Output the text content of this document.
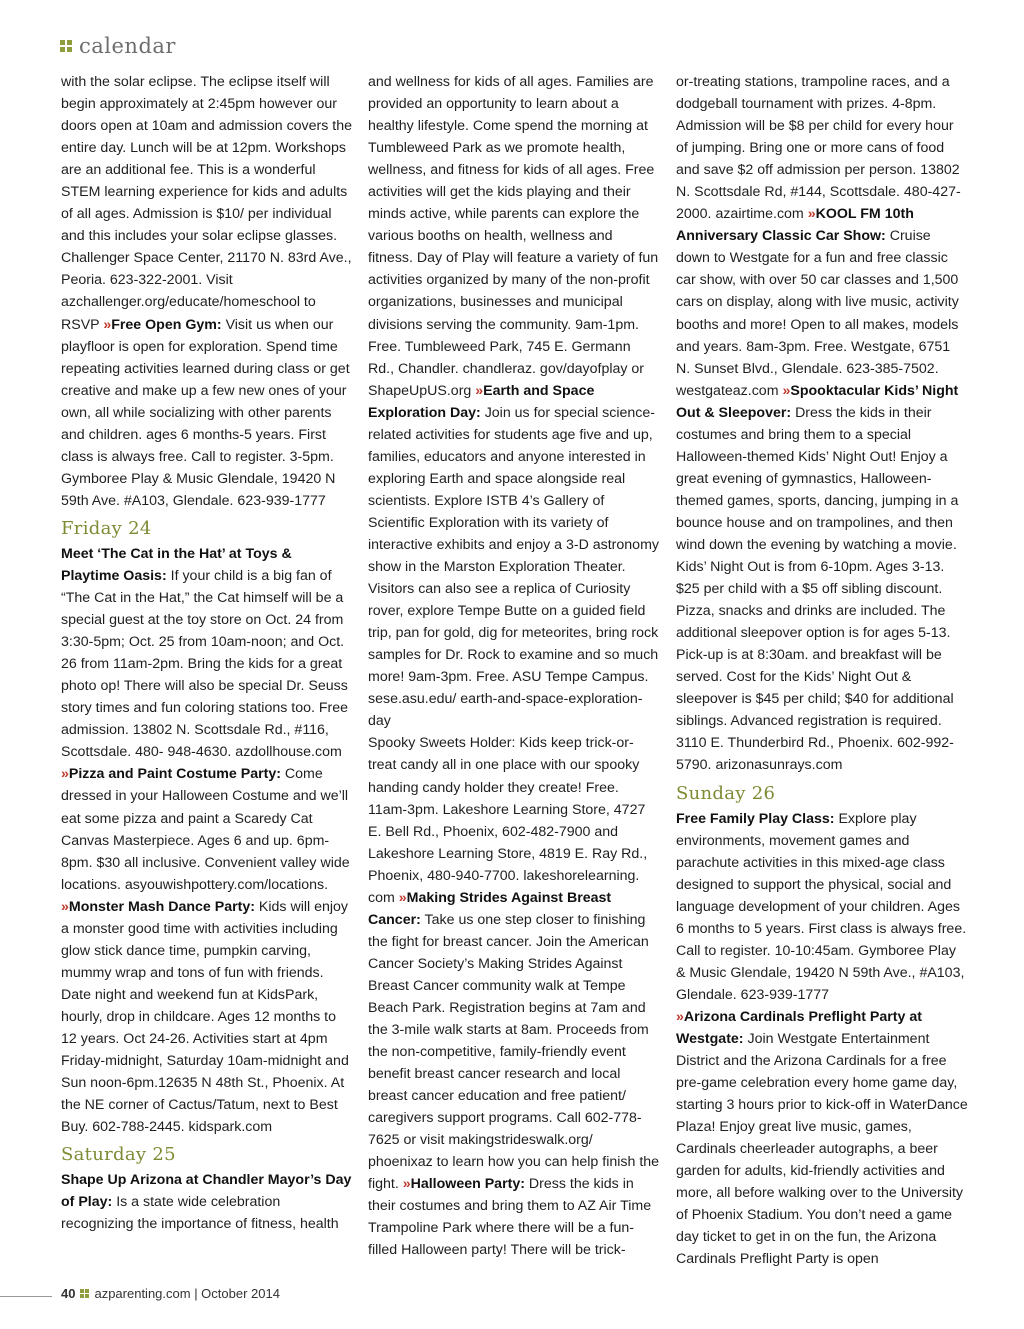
calendar

with the solar eclipse. The eclipse itself will begin approximately at 2:45pm however our doors open at 10am and admission covers the entire day. Lunch will be at 12pm. Workshops are an additional fee. This is a wonderful STEM learning experience for kids and adults of all ages. Admission is $10/ per individual and this includes your solar eclipse glasses. Challenger Space Center, 21170 N. 83rd Ave., Peoria. 623-322-2001. Visit azchallenger.org/educate/homeschool to RSVP »Free Open Gym: Visit us when our playfloor is open for exploration. Spend time repeating activities learned during class or get creative and make up a few new ones of your own, all while socializing with other parents and children. ages 6 months-5 years. First class is always free. Call to register. 3-5pm. Gymboree Play & Music Glendale, 19420 N 59th Ave. #A103, Glendale. 623-939-1777

Friday 24

Meet ‘The Cat in the Hat’ at Toys & Playtime Oasis: If your child is a big fan of “The Cat in the Hat,” the Cat himself will be a special guest at the toy store on Oct. 24 from 3:30-5pm; Oct. 25 from 10am-noon; and Oct. 26 from 11am-2pm. Bring the kids for a great photo op! There will also be special Dr. Seuss story times and fun coloring stations too. Free admission. 13802 N. Scottsdale Rd., #116, Scottsdale. 480- 948-4630. azdollhouse.com

»Pizza and Paint Costume Party: Come dressed in your Halloween Costume and we’ll eat some pizza and paint a Scaredy Cat Canvas Masterpiece. Ages 6 and up. 6pm-8pm. $30 all inclusive. Convenient valley wide locations. asyouwishpottery.com/locations.

»Monster Mash Dance Party: Kids will enjoy a monster good time with activities including glow stick dance time, pumpkin carving, mummy wrap and tons of fun with friends. Date night and weekend fun at KidsPark, hourly, drop in childcare. Ages 12 months to 12 years. Oct 24-26. Activities start at 4pm Friday-midnight, Saturday 10am-midnight and Sun noon-6pm.12635 N 48th St., Phoenix. At the NE corner of Cactus/Tatum, next to Best Buy. 602-788-2445. kidspark.com

Saturday 25

Shape Up Arizona at Chandler Mayor’s Day of Play: Is a state wide celebration recognizing the importance of fitness, health

and wellness for kids of all ages. Families are provided an opportunity to learn about a healthy lifestyle. Come spend the morning at Tumbleweed Park as we promote health, wellness, and fitness for kids of all ages. Free activities will get the kids playing and their minds active, while parents can explore the various booths on health, wellness and fitness. Day of Play will feature a variety of fun activities organized by many of the non-profit organizations, businesses and municipal divisions serving the community. 9am-1pm. Free. Tumbleweed Park, 745 E. Germann Rd., Chandler. chandleraz. gov/dayofplay or ShapeUpUS.org »Earth and Space Exploration Day: Join us for special science-related activities for students age five and up, families, educators and anyone interested in exploring Earth and space alongside real scientists. Explore ISTB 4’s Gallery of Scientific Exploration with its variety of interactive exhibits and enjoy a 3-D astronomy show in the Marston Exploration Theater. Visitors can also see a replica of Curiosity rover, explore Tempe Butte on a guided field trip, pan for gold, dig for meteorites, bring rock samples for Dr. Rock to examine and so much more! 9am-3pm. Free. ASU Tempe Campus. sese.asu.edu/ earth-and-space-exploration-day

Spooky Sweets Holder: Kids keep trick-or-treat candy all in one place with our spooky handing candy holder they create! Free. 11am-3pm. Lakeshore Learning Store, 4727 E. Bell Rd., Phoenix, 602-482-7900 and Lakeshore Learning Store, 4819 E. Ray Rd., Phoenix, 480-940-7700. lakeshorelearning. com »Making Strides Against Breast Cancer: Take us one step closer to finishing the fight for breast cancer. Join the American Cancer Society’s Making Strides Against Breast Cancer community walk at Tempe Beach Park. Registration begins at 7am and the 3-mile walk starts at 8am. Proceeds from the non-competitive, family-friendly event benefit breast cancer research and local breast cancer education and free patient/ caregivers support programs. Call 602-778-7625 or visit makingstrideswalk.org/ phoenixaz to learn how you can help finish the fight. »Halloween Party: Dress the kids in their costumes and bring them to AZ Air Time Trampoline Park where there will be a fun-filled Halloween party! There will be trick-

or-treating stations, trampoline races, and a dodgeball tournament with prizes. 4-8pm. Admission will be $8 per child for every hour of jumping. Bring one or more cans of food and save $2 off admission per person. 13802 N. Scottsdale Rd, #144, Scottsdale. 480-427-2000. azairtime.com »KOOL FM 10th Anniversary Classic Car Show: Cruise down to Westgate for a fun and free classic car show, with over 50 car classes and 1,500 cars on display, along with live music, activity booths and more! Open to all makes, models and years. 8am-3pm. Free. Westgate, 6751 N. Sunset Blvd., Glendale. 623-385-7502. westgateaz.com »Spooktacular Kids’ Night Out & Sleepover: Dress the kids in their costumes and bring them to a special Halloween-themed Kids’ Night Out! Enjoy a great evening of gymnastics, Halloween-themed games, sports, dancing, jumping in a bounce house and on trampolines, and then wind down the evening by watching a movie. Kids’ Night Out is from 6-10pm. Ages 3-13. $25 per child with a $5 off sibling discount. Pizza, snacks and drinks are included. The additional sleepover option is for ages 5-13. Pick-up is at 8:30am. and breakfast will be served. Cost for the Kids’ Night Out & sleepover is $45 per child; $40 for additional siblings. Advanced registration is required. 3110 E. Thunderbird Rd., Phoenix. 602-992-5790. arizonasunrays.com

Sunday 26

Free Family Play Class: Explore play environments, movement games and parachute activities in this mixed-age class designed to support the physical, social and language development of your children. Ages 6 months to 5 years. First class is always free. Call to register. 10-10:45am. Gymboree Play & Music Glendale, 19420 N 59th Ave., #A103, Glendale. 623-939-1777

»Arizona Cardinals Preflight Party at Westgate: Join Westgate Entertainment District and the Arizona Cardinals for a free pre-game celebration every home game day, starting 3 hours prior to kick-off in WaterDance Plaza! Enjoy great live music, games, Cardinals cheerleader autographs, a beer garden for adults, kid-friendly activities and more, all before walking over to the University of Phoenix Stadium. You don’t need a game day ticket to get in on the fun, the Arizona Cardinals Preflight Party is open

40 azparenting.com | October 2014
